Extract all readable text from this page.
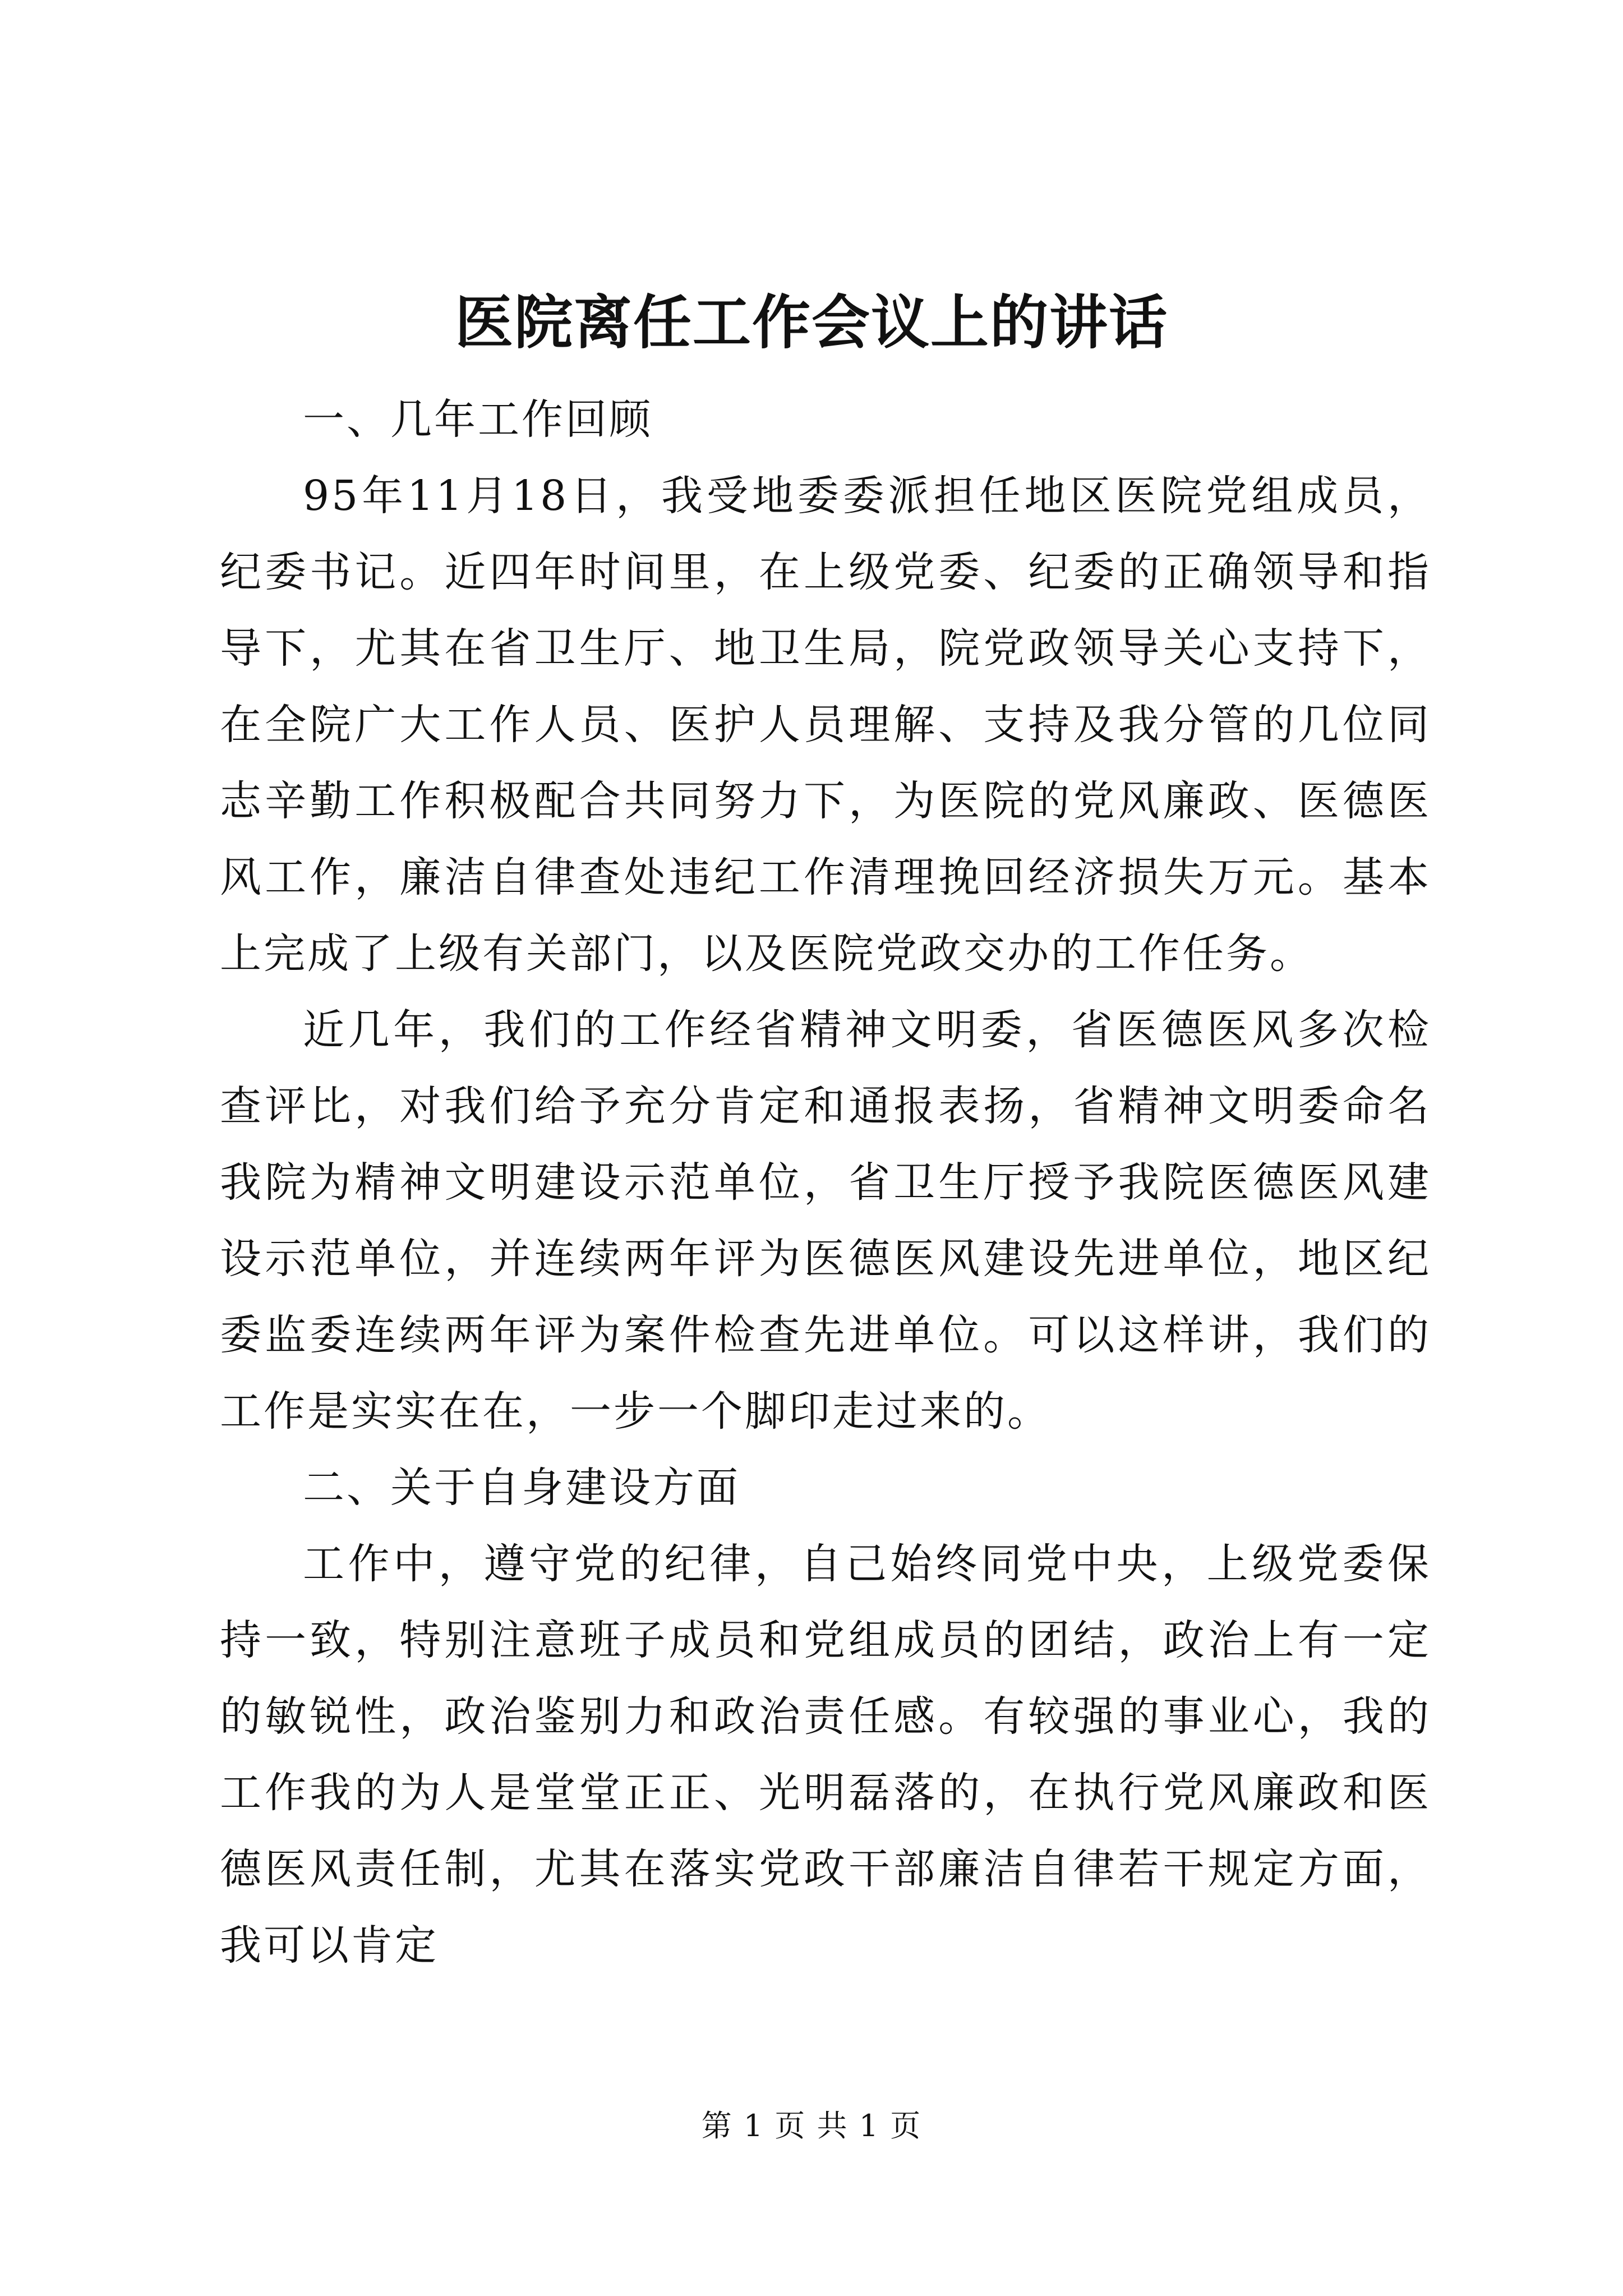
医院离任工作会议上的讲话

一、几年工作回顾

95年11月18日，我受地委委派担任地区医院党组成员，纪委书记。近四年时间里，在上级党委、纪委的正确领导和指导下，尤其在省卫生厅、地卫生局，院党政领导关心支持下，在全院广大工作人员、医护人员理解、支持及我分管的几位同志辛勤工作积极配合共同努力下，为医院的党风廉政、医德医风工作，廉洁自律查处违纪工作清理挽回经济损失万元。基本上完成了上级有关部门，以及医院党政交办的工作任务。

近几年，我们的工作经省精神文明委，省医德医风多次检查评比，对我们给予充分肯定和通报表扬，省精神文明委命名我院为精神文明建设示范单位，省卫生厅授予我院医德医风建设示范单位，并连续两年评为医德医风建设先进单位，地区纪委监委连续两年评为案件检查先进单位。可以这样讲，我们的工作是实实在在，一步一个脚印走过来的。

二、关于自身建设方面

工作中，遵守党的纪律，自己始终同党中央，上级党委保持一致，特别注意班子成员和党组成员的团结，政治上有一定的敏锐性，政治鉴别力和政治责任感。有较强的事业心，我的工作我的为人是堂堂正正、光明磊落的，在执行党风廉政和医德医风责任制，尤其在落实党政干部廉洁自律若干规定方面，我可以肯定

第 1 页 共 1 页
